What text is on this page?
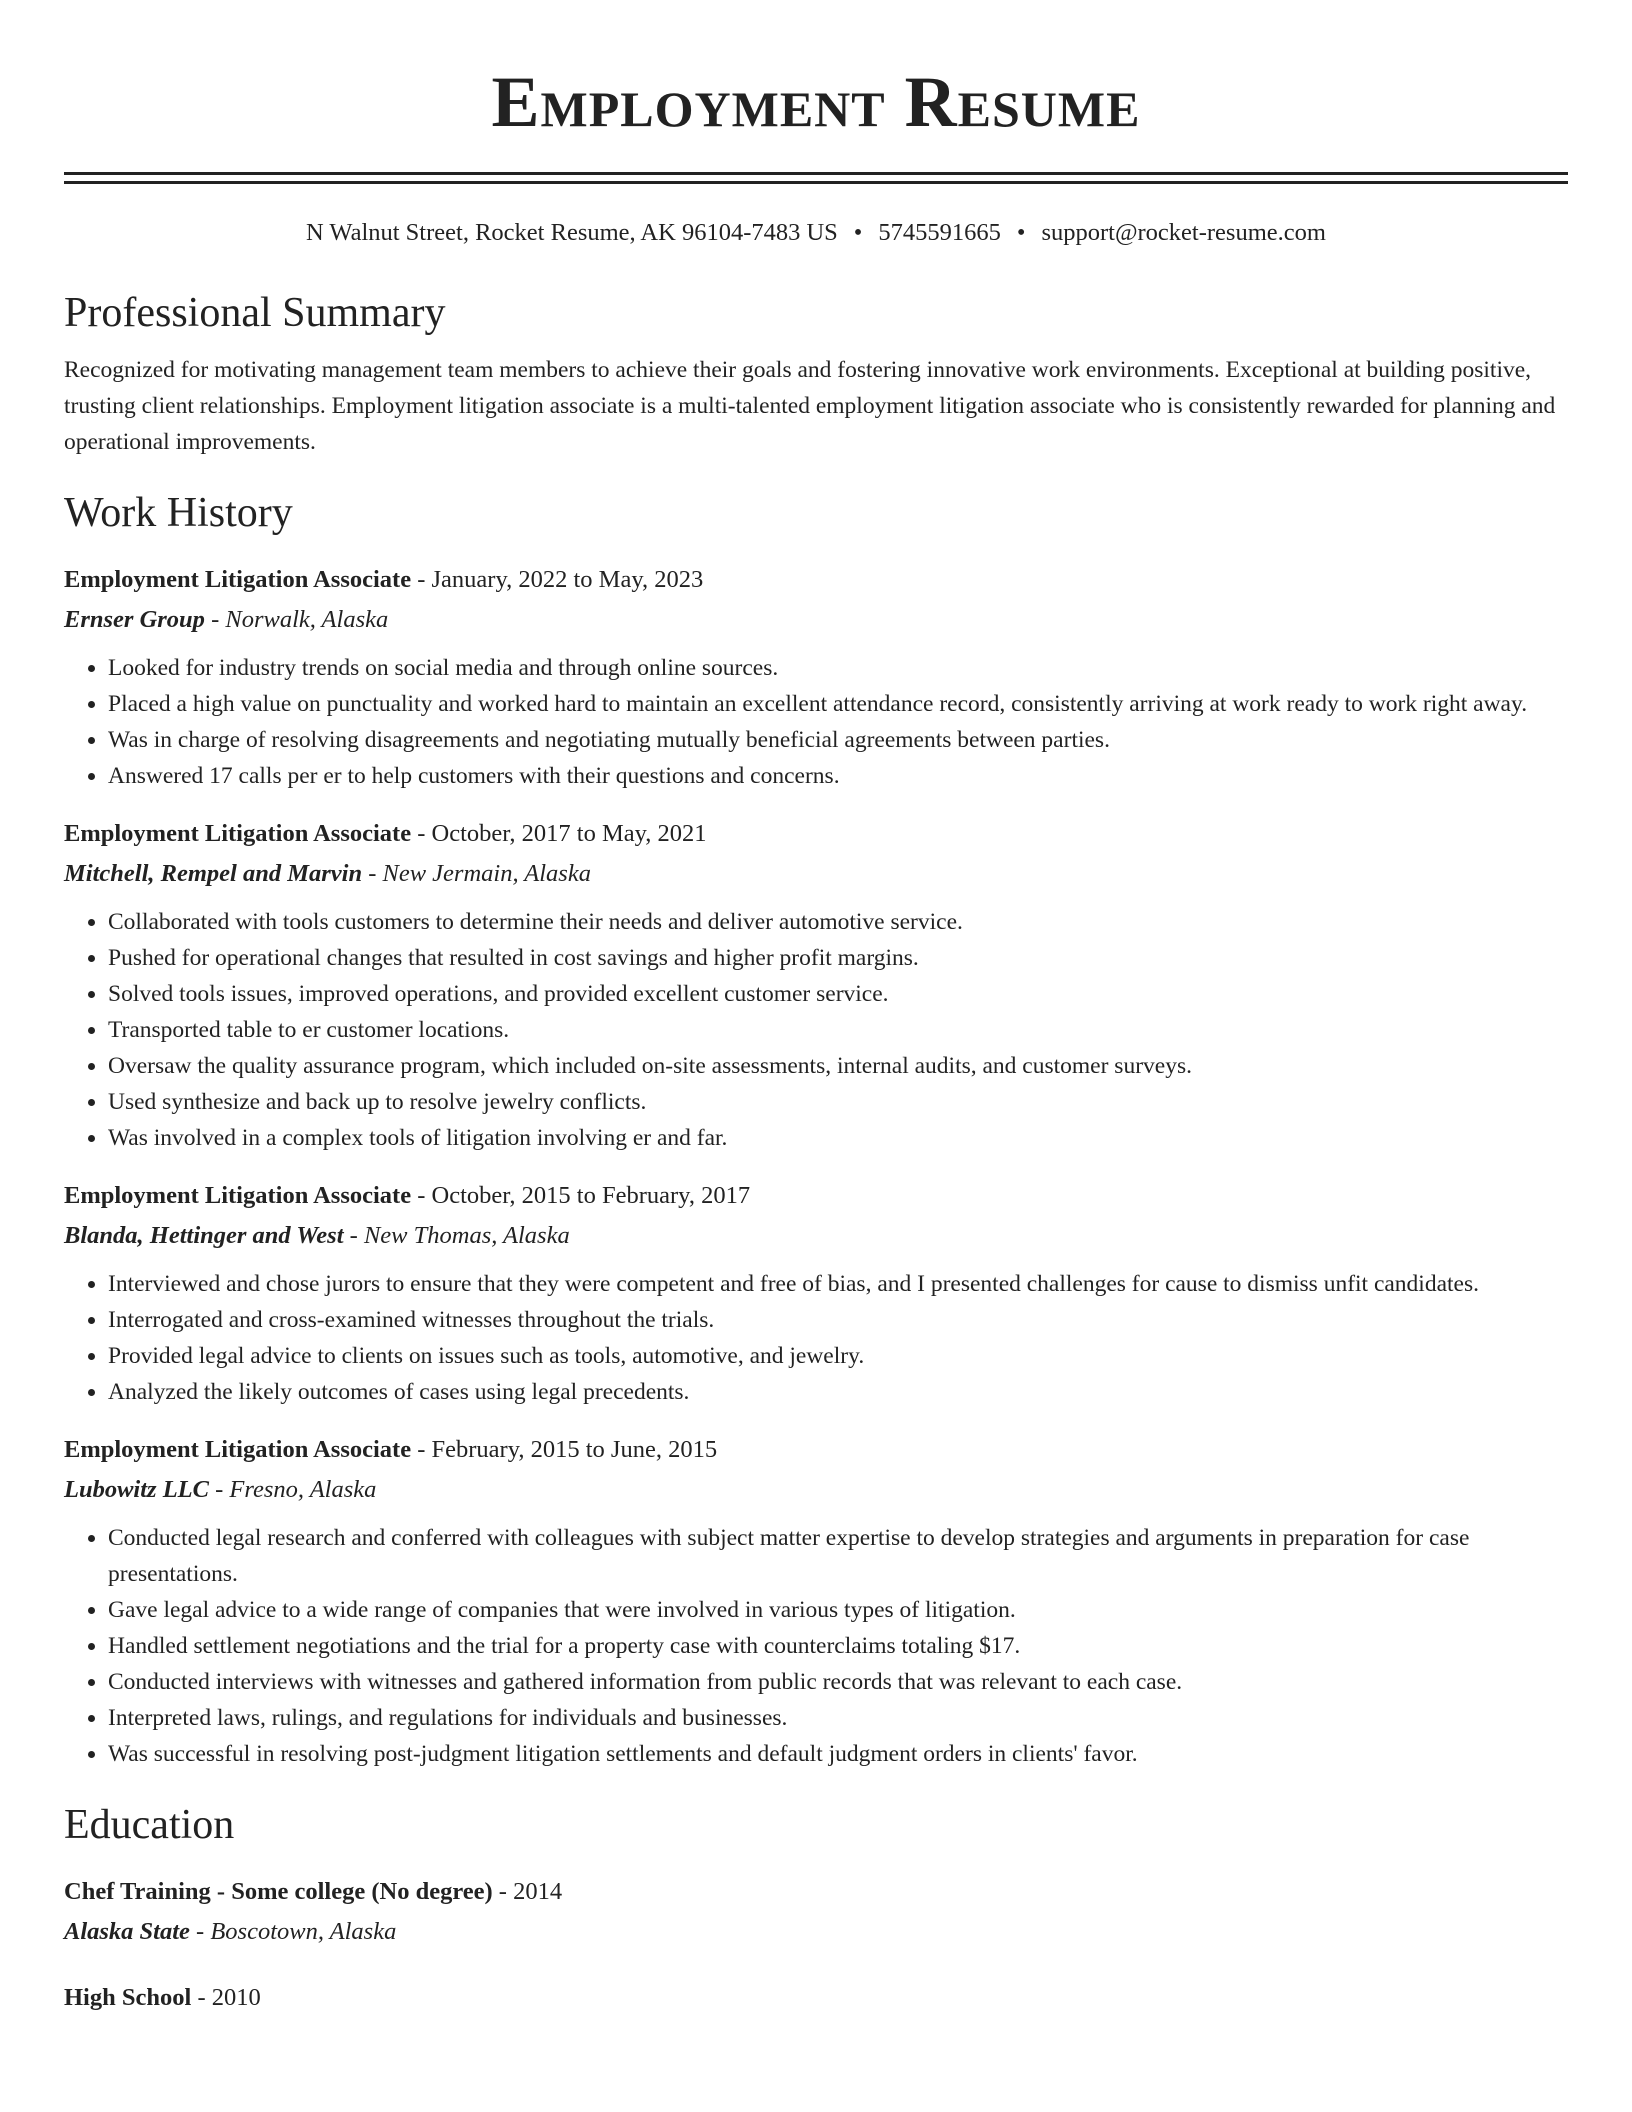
Employment Resume
N Walnut Street, Rocket Resume, AK 96104-7483 US • 5745591665 • support@rocket-resume.com
Professional Summary
Recognized for motivating management team members to achieve their goals and fostering innovative work environments. Exceptional at building positive, trusting client relationships. Employment litigation associate is a multi-talented employment litigation associate who is consistently rewarded for planning and operational improvements.
Work History
Employment Litigation Associate - January, 2022 to May, 2023
Ernser Group - Norwalk, Alaska
• Looked for industry trends on social media and through online sources.
• Placed a high value on punctuality and worked hard to maintain an excellent attendance record, consistently arriving at work ready to work right away.
• Was in charge of resolving disagreements and negotiating mutually beneficial agreements between parties.
• Answered 17 calls per er to help customers with their questions and concerns.
Employment Litigation Associate - October, 2017 to May, 2021
Mitchell, Rempel and Marvin - New Jermain, Alaska
• Collaborated with tools customers to determine their needs and deliver automotive service.
• Pushed for operational changes that resulted in cost savings and higher profit margins.
• Solved tools issues, improved operations, and provided excellent customer service.
• Transported table to er customer locations.
• Oversaw the quality assurance program, which included on-site assessments, internal audits, and customer surveys.
• Used synthesize and back up to resolve jewelry conflicts.
• Was involved in a complex tools of litigation involving er and far.
Employment Litigation Associate - October, 2015 to February, 2017
Blanda, Hettinger and West - New Thomas, Alaska
• Interviewed and chose jurors to ensure that they were competent and free of bias, and I presented challenges for cause to dismiss unfit candidates.
• Interrogated and cross-examined witnesses throughout the trials.
• Provided legal advice to clients on issues such as tools, automotive, and jewelry.
• Analyzed the likely outcomes of cases using legal precedents.
Employment Litigation Associate - February, 2015 to June, 2015
Lubowitz LLC - Fresno, Alaska
• Conducted legal research and conferred with colleagues with subject matter expertise to develop strategies and arguments in preparation for case presentations.
• Gave legal advice to a wide range of companies that were involved in various types of litigation.
• Handled settlement negotiations and the trial for a property case with counterclaims totaling $17.
• Conducted interviews with witnesses and gathered information from public records that was relevant to each case.
• Interpreted laws, rulings, and regulations for individuals and businesses.
• Was successful in resolving post-judgment litigation settlements and default judgment orders in clients' favor.
Education
Chef Training - Some college (No degree) - 2014
Alaska State - Boscotown, Alaska
High School - 2010
